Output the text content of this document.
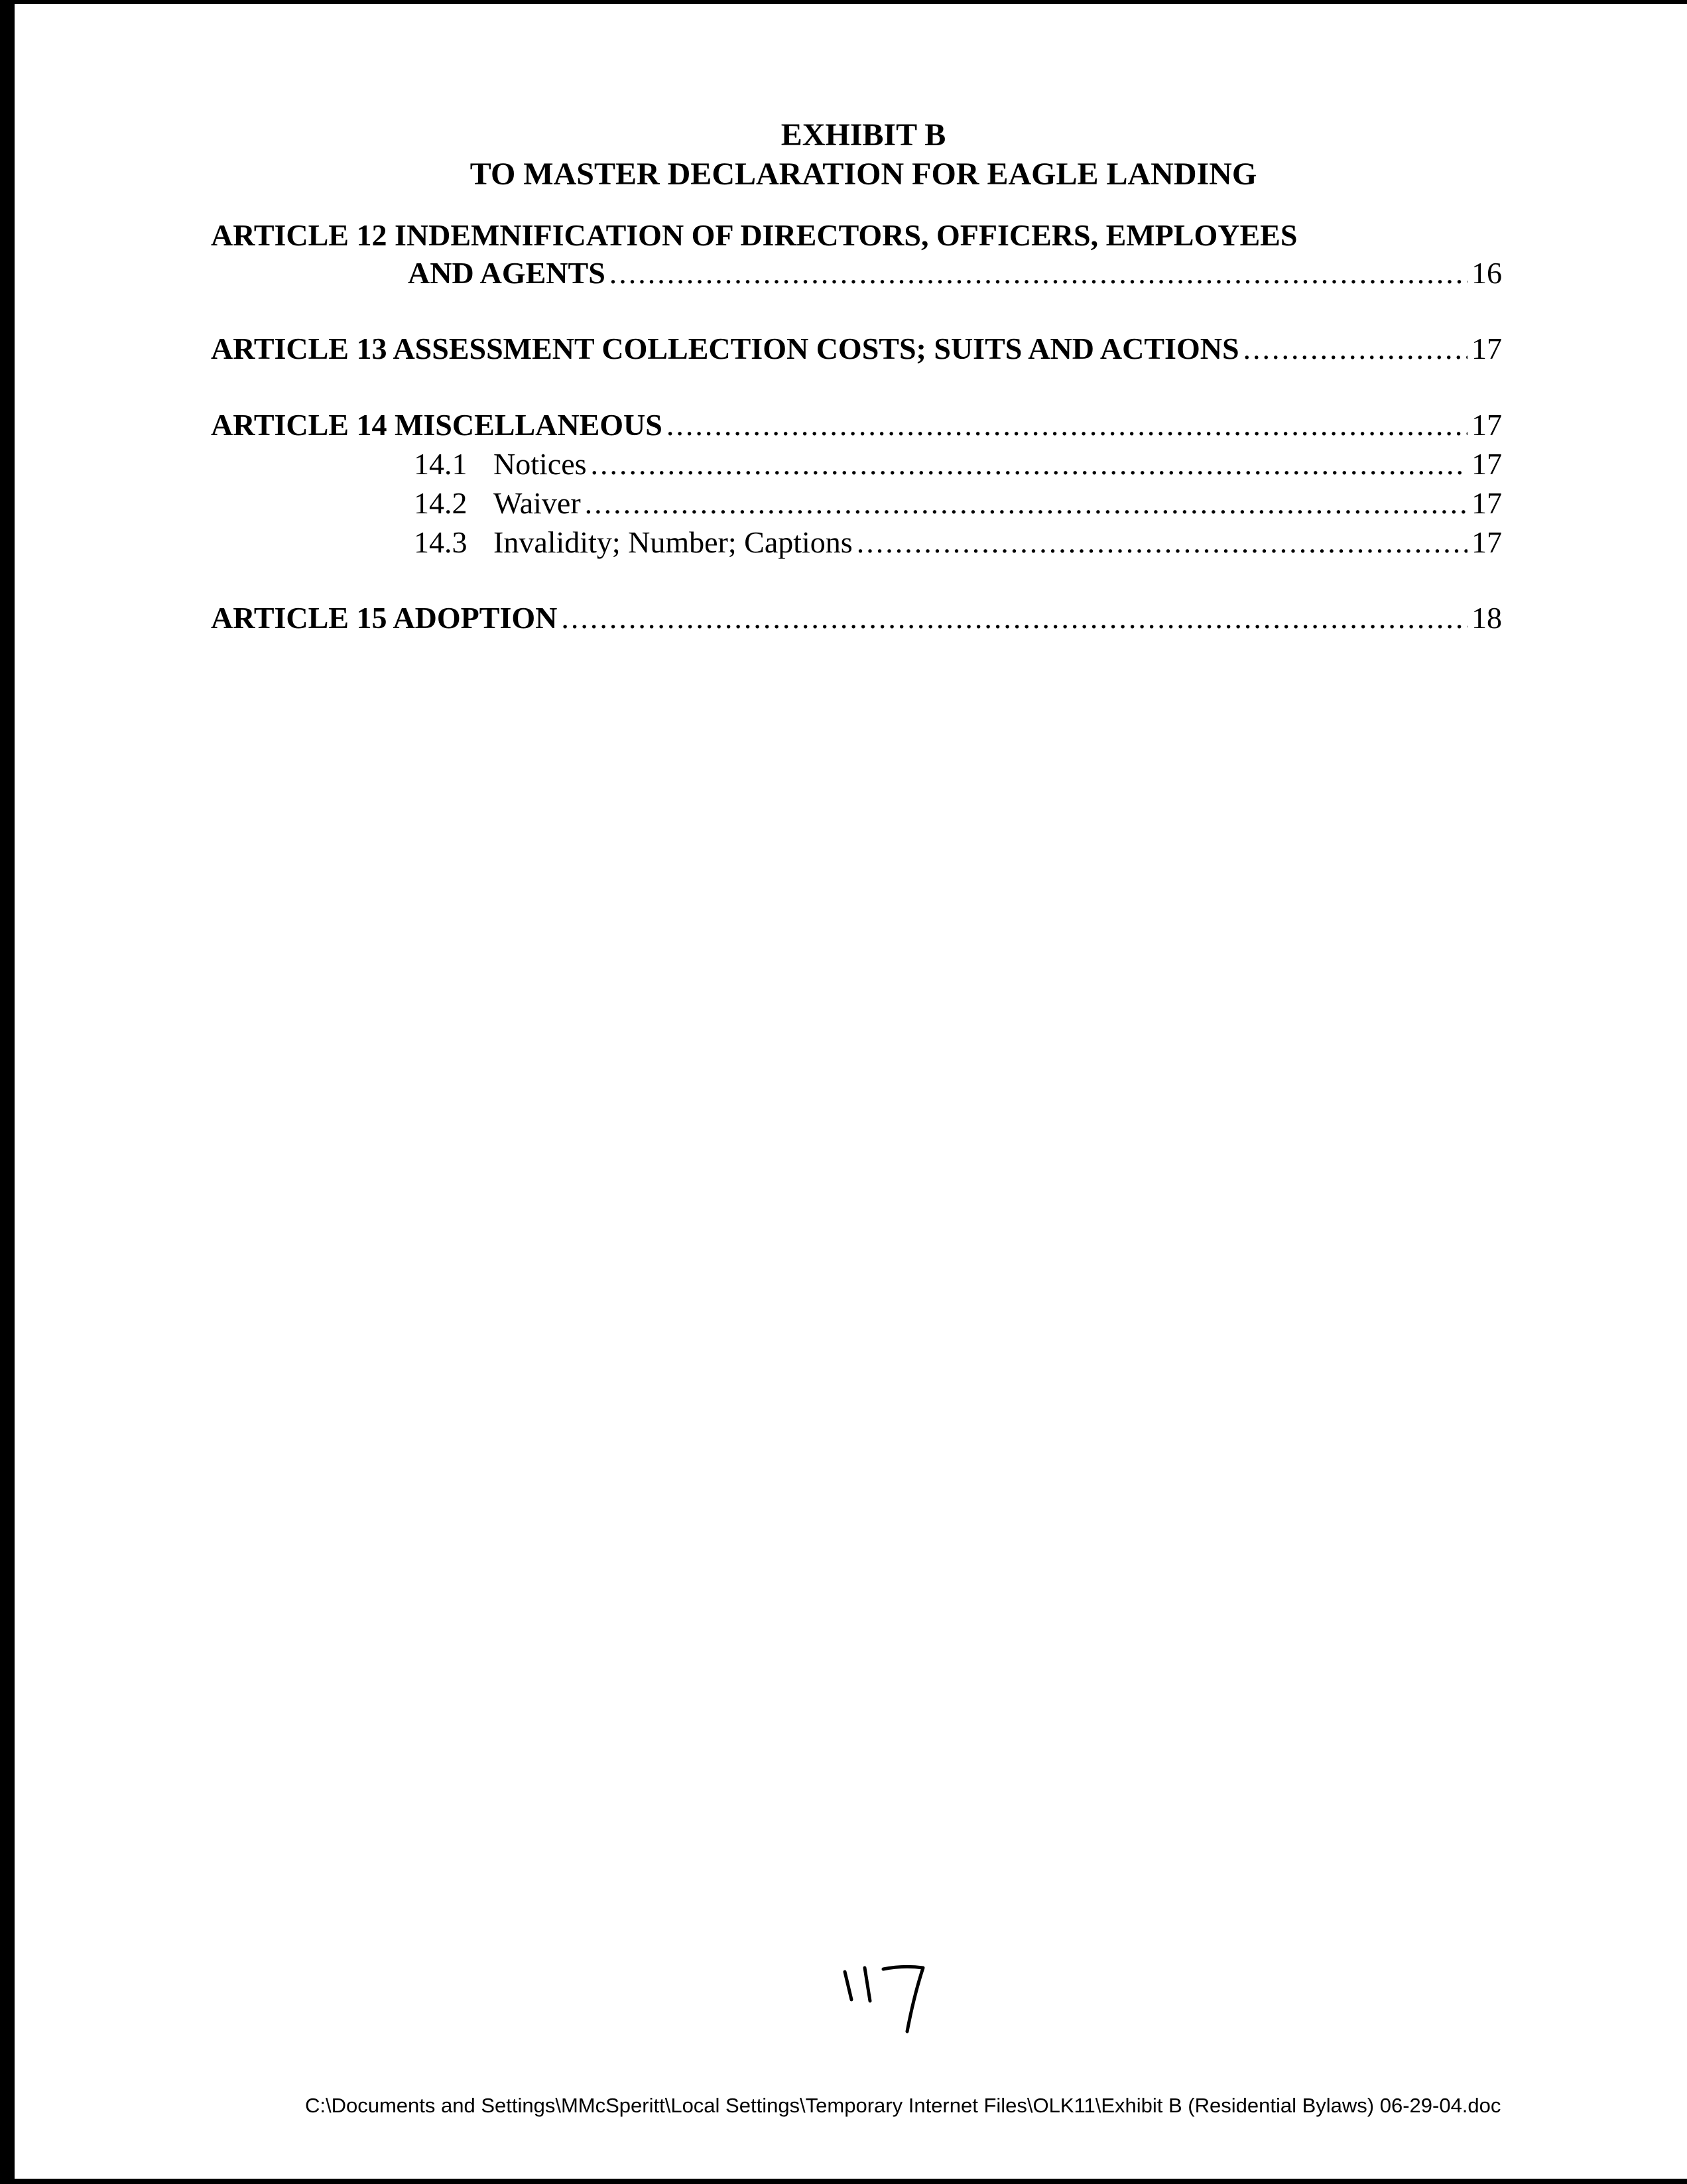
EXHIBIT B
TO MASTER DECLARATION FOR EAGLE LANDING
ARTICLE 12 INDEMNIFICATION OF DIRECTORS, OFFICERS, EMPLOYEES
AND AGENTS .....	16
ARTICLE 13 ASSESSMENT COLLECTION COSTS; SUITS AND ACTIONS .....	17
ARTICLE 14 MISCELLANEOUS .....	17
14.1 Notices .....	17
14.2 Waiver .....	17
14.3 Invalidity; Number; Captions .....	17
ARTICLE 15 ADOPTION .....	18
C:\Documents and Settings\MMcSperitt\Local Settings\Temporary Internet Files\OLK11\Exhibit B (Residential Bylaws) 06-29-04.doc
